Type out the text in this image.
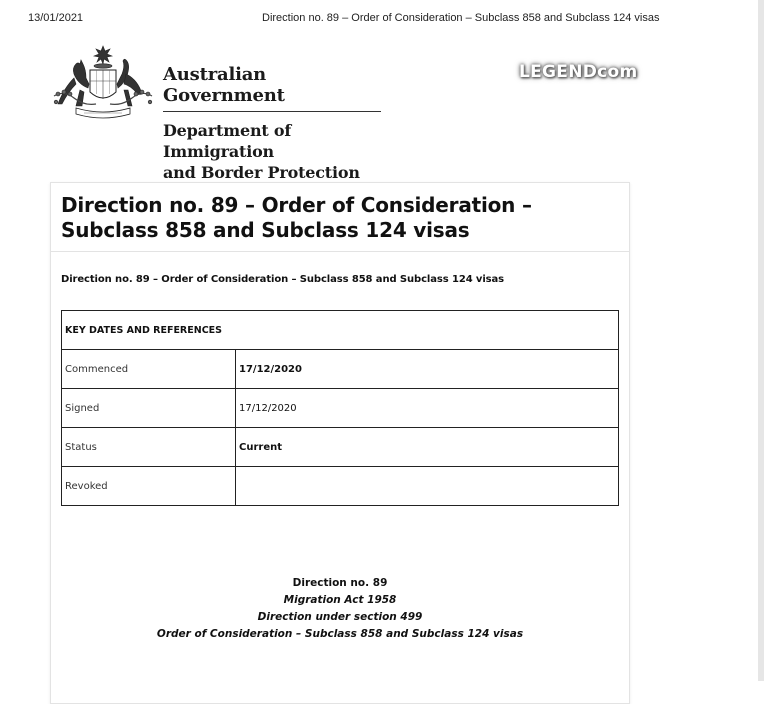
13/01/2021	Direction no. 89 – Order of Consideration – Subclass 858 and Subclass 124 visas
Australian Government
Department of Immigration
and Border Protection
LEGENDcom
Direction no. 89 – Order of Consideration – Subclass 858 and Subclass 124 visas
Direction no. 89 – Order of Consideration – Subclass 858 and Subclass 124 visas
KEY DATES AND REFERENCES	
Commenced	17/12/2020
Signed	17/12/2020
Status	Current
Revoked	
Direction no. 89
Migration Act 1958
Direction under section 499
Order of Consideration – Subclass 858 and Subclass 124 visas
